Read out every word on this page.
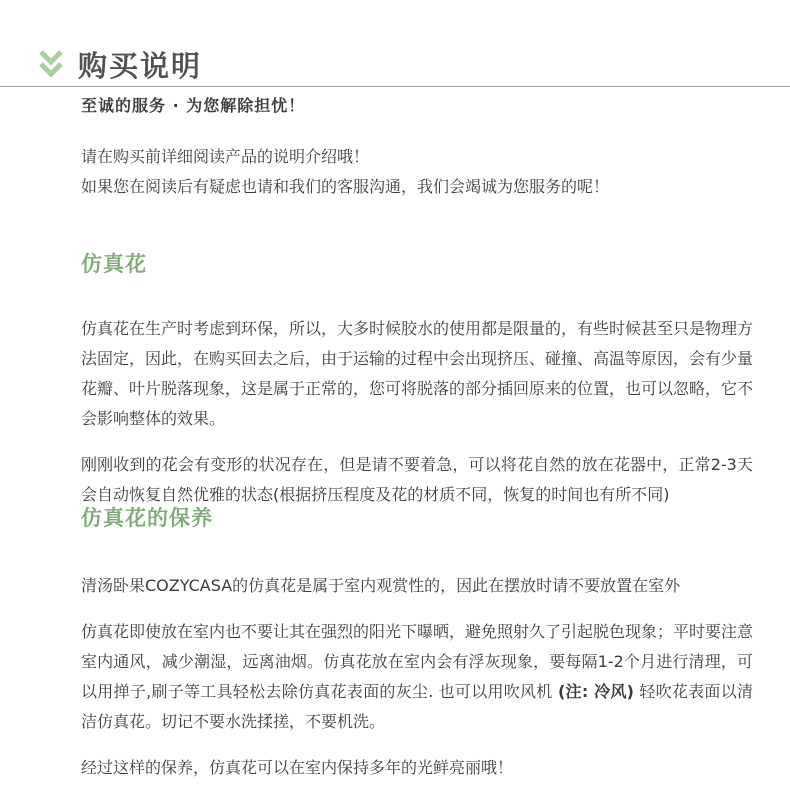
购买说明
至诚的服务 · 为您解除担忧！

请在购买前详细阅读产品的说明介绍哦！

如果您在阅读后有疑虑也请和我们的客服沟通，我们会竭诚为您服务的呢！

仿真花

仿真花在生产时考虑到环保，所以，大多时候胶水的使用都是限量的，有些时候甚至只是物理方法固定，因此，在购买回去之后，由于运输的过程中会出现挤压、碰撞、高温等原因，会有少量花瓣、叶片脱落现象，这是属于正常的，您可将脱落的部分插回原来的位置，也可以忽略，它不会影响整体的效果。

刚刚收到的花会有变形的状况存在，但是请不要着急，可以将花自然的放在花器中，正常2-3天会自动恢复自然优雅的状态(根据挤压程度及花的材质不同，恢复的时间也有所不同)

仿真花的保养

清汤卧果COZYCASA的仿真花是属于室内观赏性的，因此在摆放时请不要放置在室外

仿真花即使放在室内也不要让其在强烈的阳光下曝晒，避免照射久了引起脱色现象；平时要注意室内通风，减少潮湿，远离油烟。仿真花放在室内会有浮灰现象，要每隔1-2个月进行清理，可以用掸子,刷子等工具轻松去除仿真花表面的灰尘. 也可以用吹风机 (注: 冷风) 轻吹花表面以清洁仿真花。切记不要水洗揉搓，不要机洗。

经过这样的保养，仿真花可以在室内保持多年的光鲜亮丽哦！
